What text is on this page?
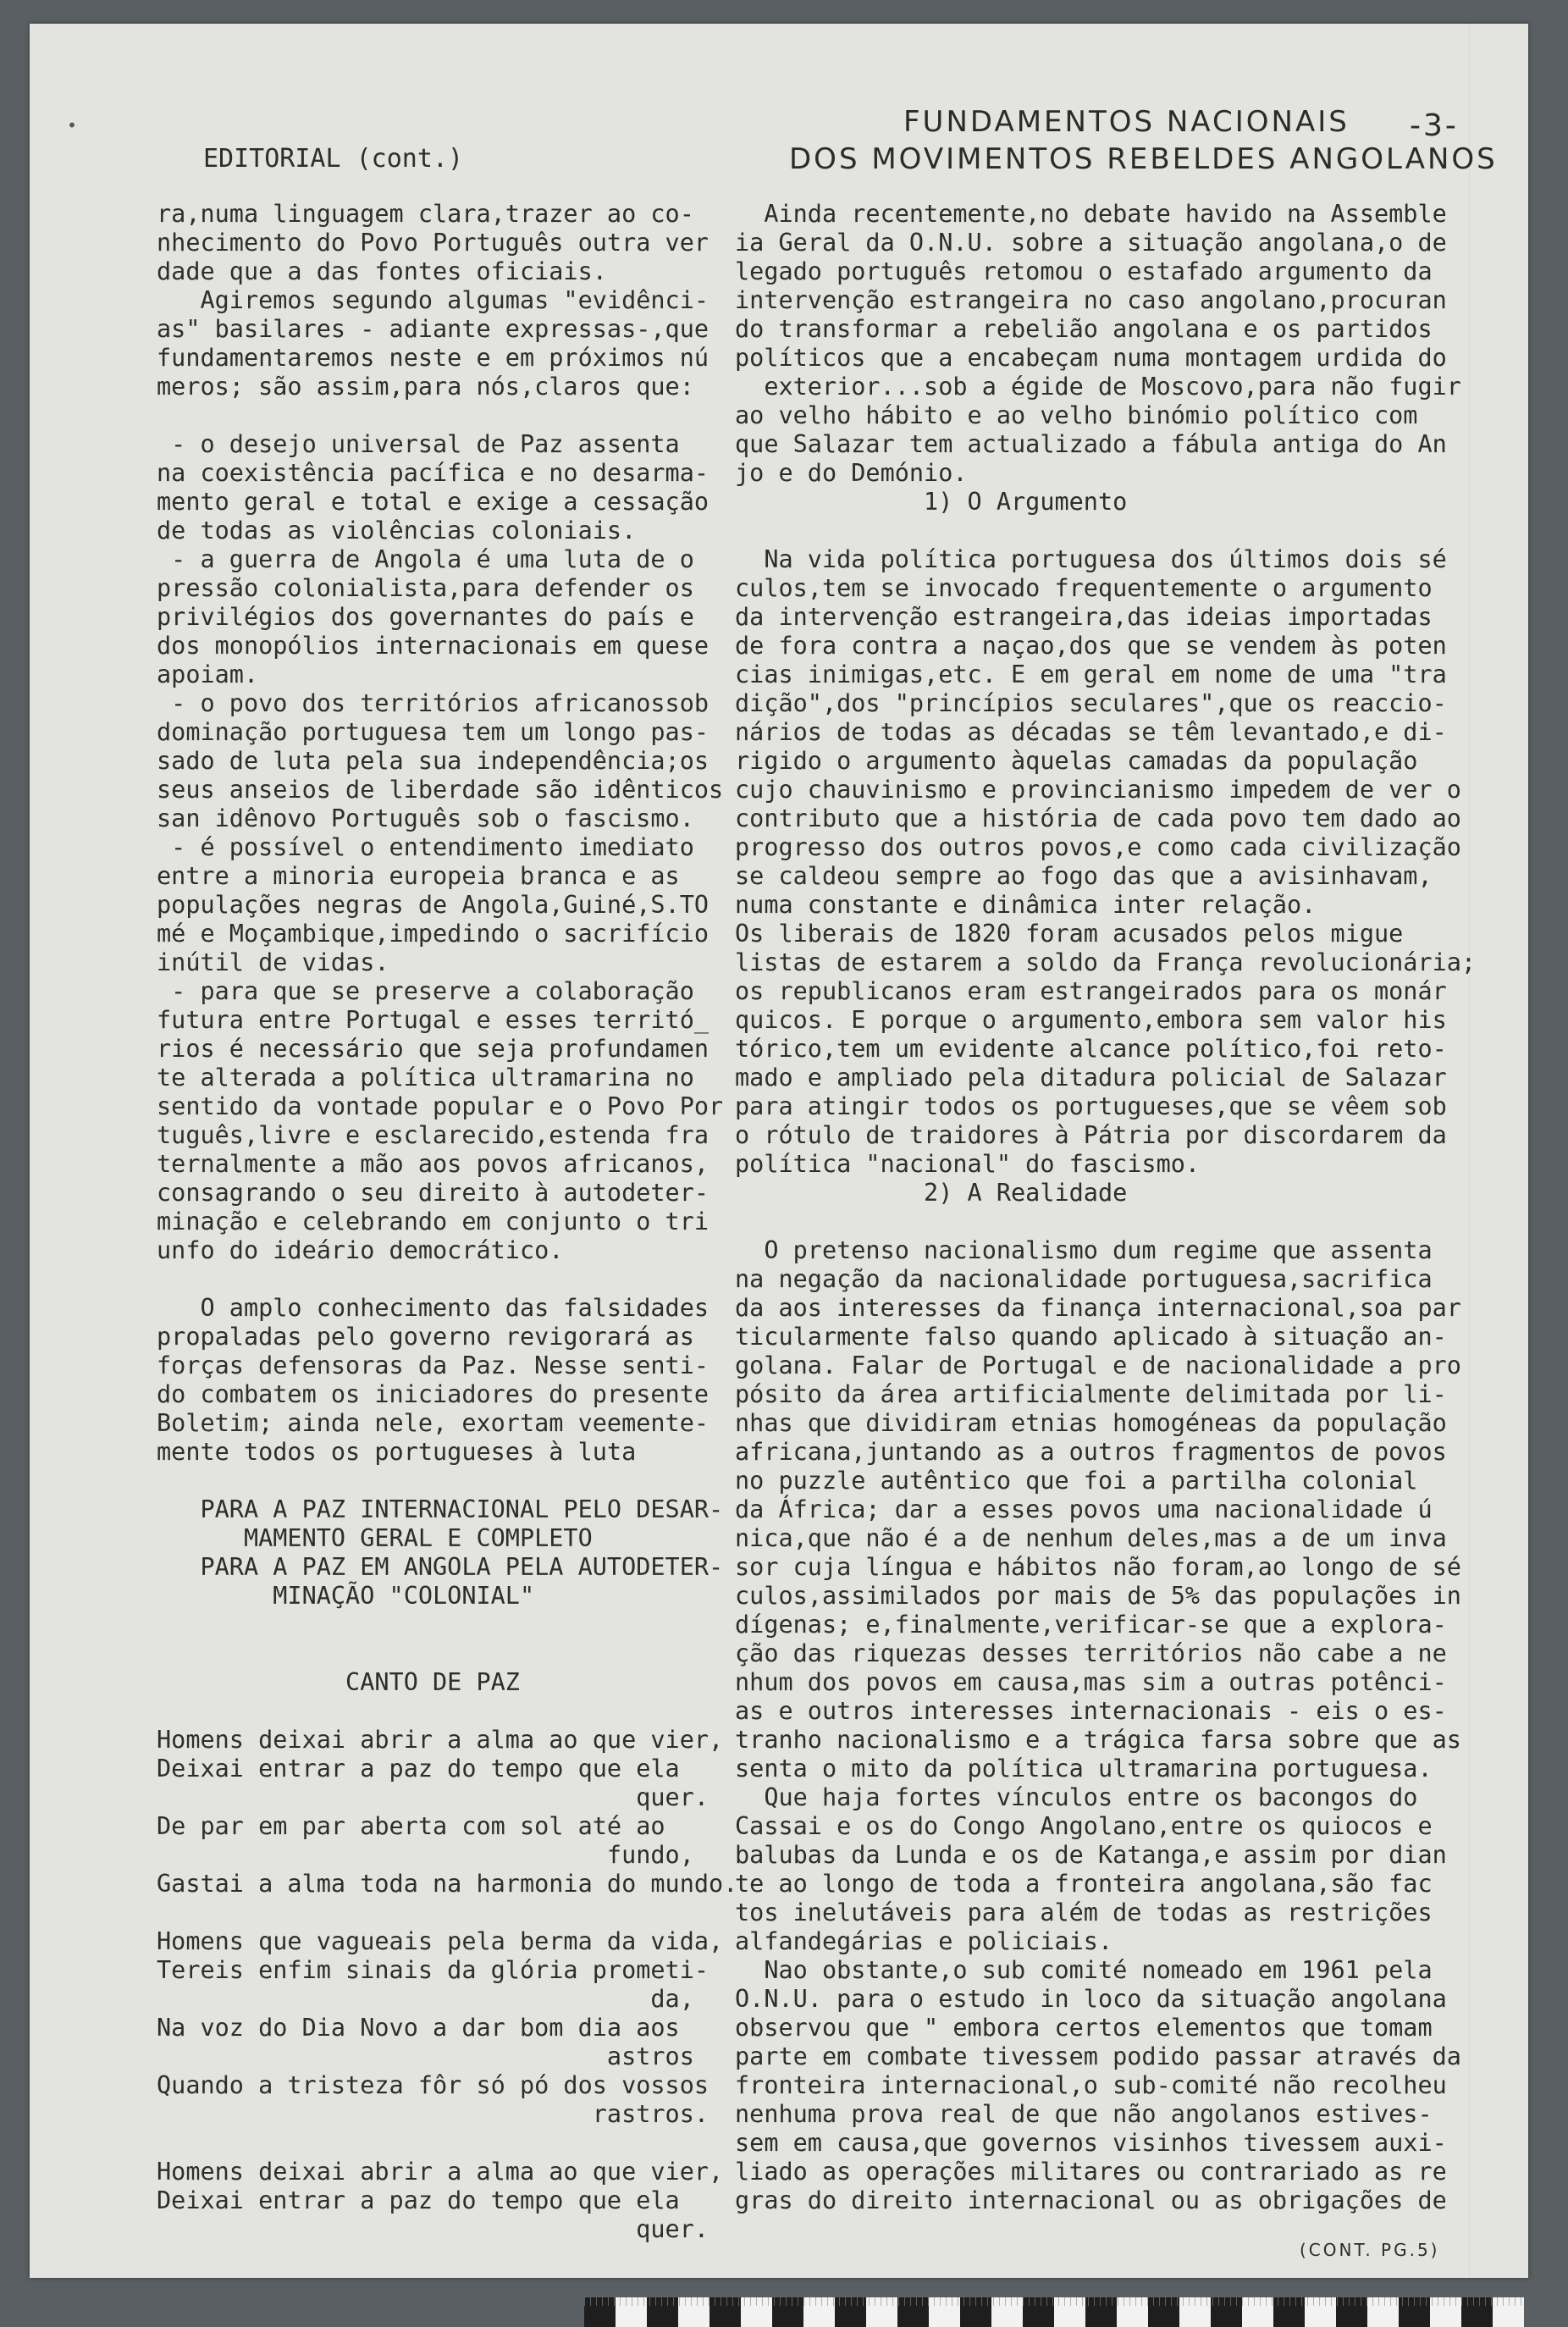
•
EDITORIAL (cont.)
FUNDAMENTOS NACIONAIS
DOS MOVIMENTOS REBELDES ANGOLANOS
-3-
ra,numa linguagem clara,trazer ao co-
nhecimento do Povo Português outra ver
dade que a das fontes oficiais.
Agiremos segundo algumas "evidênci-
as" basilares - adiante expressas-,que
fundamentaremos neste e em próximos nú
meros; são assim,para nós,claros que:
- o desejo universal de Paz assenta
na coexistência pacífica e no desarma-
mento geral e total e exige a cessação
de todas as violências coloniais.
- a guerra de Angola é uma luta de o
pressão colonialista,para defender os
privilégios dos governantes do país e
dos monopólios internacionais em quese
apoiam.
- o povo dos territórios africanossob
dominação portuguesa tem um longo pas-
sado de luta pela sua independência;os
seus anseios de liberdade são idênticos
san idênovo Português sob o fascismo.
- é possível o entendimento imediato
entre a minoria europeia branca e as
populações negras de Angola,Guiné,S.TO
mé e Moçambique,impedindo o sacrifício
inútil de vidas.
- para que se preserve a colaboração
futura entre Portugal e esses territó_
rios é necessário que seja profundamen
te alterada a política ultramarina no
sentido da vontade popular e o Povo Por
tuguês,livre e esclarecido,estenda fra
ternalmente a mão aos povos africanos,
consagrando o seu direito à autodeter-
minação e celebrando em conjunto o tri
unfo do ideário democrático.
O amplo conhecimento das falsidades
propaladas pelo governo revigorará as
forças defensoras da Paz. Nesse senti-
do combatem os iniciadores do presente
Boletim; ainda nele, exortam veemente-
mente todos os portugueses à luta
PARA A PAZ INTERNACIONAL PELO DESAR-
MAMENTO GERAL E COMPLETO
PARA A PAZ EM ANGOLA PELA AUTODETER-
MINAÇÃO "COLONIAL"
CANTO DE PAZ
Homens deixai abrir a alma ao que vier,
Deixai entrar a paz do tempo que ela
quer.
De par em par aberta com sol até ao
fundo,
Gastai a alma toda na harmonia do mundo.
Homens que vagueais pela berma da vida,
Tereis enfim sinais da glória prometi-
da,
Na voz do Dia Novo a dar bom dia aos
astros
Quando a tristeza fôr só pó dos vossos
rastros.
Homens deixai abrir a alma ao que vier,
Deixai entrar a paz do tempo que ela
quer.
Ainda recentemente,no debate havido na Assemble
ia Geral da O.N.U. sobre a situação angolana,o de
legado português retomou o estafado argumento da
intervenção estrangeira no caso angolano,procuran
do transformar a rebelião angolana e os partidos
políticos que a encabeçam numa montagem urdida do
exterior...sob a égide de Moscovo,para não fugir
ao velho hábito e ao velho binómio político com
que Salazar tem actualizado a fábula antiga do An
jo e do Demónio.
1) O Argumento
Na vida política portuguesa dos últimos dois sé
culos,tem se invocado frequentemente o argumento
da intervenção estrangeira,das ideias importadas
de fora contra a naçao,dos que se vendem às poten
cias inimigas,etc. E em geral em nome de uma "tra
dição",dos "princípios seculares",que os reaccio-
nários de todas as décadas se têm levantado,e di-
rigido o argumento àquelas camadas da população
cujo chauvinismo e provincianismo impedem de ver o
contributo que a história de cada povo tem dado ao
progresso dos outros povos,e como cada civilização
se caldeou sempre ao fogo das que a avisinhavam,
numa constante e dinâmica inter relação.
Os liberais de 1820 foram acusados pelos migue
listas de estarem a soldo da França revolucionária;
os republicanos eram estrangeirados para os monár
quicos. E porque o argumento,embora sem valor his
tórico,tem um evidente alcance político,foi reto-
mado e ampliado pela ditadura policial de Salazar
para atingir todos os portugueses,que se vêem sob
o rótulo de traidores à Pátria por discordarem da
política "nacional" do fascismo.
2) A Realidade
O pretenso nacionalismo dum regime que assenta
na negação da nacionalidade portuguesa,sacrifica
da aos interesses da finança internacional,soa par
ticularmente falso quando aplicado à situação an-
golana. Falar de Portugal e de nacionalidade a pro
pósito da área artificialmente delimitada por li-
nhas que dividiram etnias homogéneas da população
africana,juntando as a outros fragmentos de povos
no puzzle autêntico que foi a partilha colonial
da África; dar a esses povos uma nacionalidade ú
nica,que não é a de nenhum deles,mas a de um inva
sor cuja língua e hábitos não foram,ao longo de sé
culos,assimilados por mais de 5% das populações in
dígenas; e,finalmente,verificar-se que a explora-
ção das riquezas desses territórios não cabe a ne
nhum dos povos em causa,mas sim a outras potênci-
as e outros interesses internacionais - eis o es-
tranho nacionalismo e a trágica farsa sobre que as
senta o mito da política ultramarina portuguesa.
Que haja fortes vínculos entre os bacongos do
Cassai e os do Congo Angolano,entre os quiocos e
balubas da Lunda e os de Katanga,e assim por dian
te ao longo de toda a fronteira angolana,são fac
tos inelutáveis para além de todas as restrições
alfandegárias e policiais.
Nao obstante,o sub comité nomeado em 1961 pela
O.N.U. para o estudo in loco da situação angolana
observou que " embora certos elementos que tomam
parte em combate tivessem podido passar através da
fronteira internacional,o sub-comité não recolheu
nenhuma prova real de que não angolanos estives-
sem em causa,que governos visinhos tivessem auxi-
liado as operações militares ou contrariado as re
gras do direito internacional ou as obrigações de
(CONT. PG.5)
